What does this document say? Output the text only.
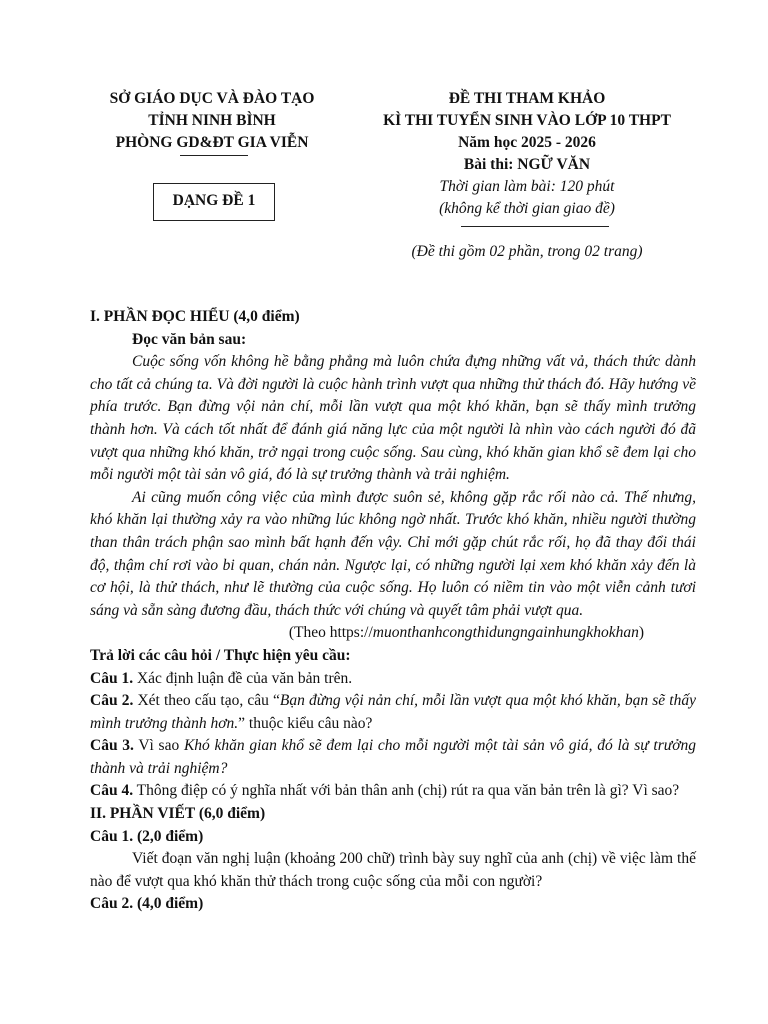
SỞ GIÁO DỤC VÀ ĐÀO TẠO
TỈNH NINH BÌNH
PHÒNG GD&ĐT GIA VIỄN
DẠNG ĐỀ 1
ĐỀ THI THAM KHẢO
KÌ THI TUYỂN SINH VÀO LỚP 10 THPT
Năm học 2025 - 2026
Bài thi: NGỮ VĂN
Thời gian làm bài: 120 phút
(không kể thời gian giao đề)
(Đề thi gồm 02 phần, trong 02 trang)

I. PHẦN ĐỌC HIỂU (4,0 điểm)

Đọc văn bản sau:

Cuộc sống vốn không hề bằng phẳng mà luôn chứa đựng những vất vả, thách thức dành cho tất cả chúng ta. Và đời người là cuộc hành trình vượt qua những thử thách đó. Hãy hướng về phía trước. Bạn đừng vội nản chí, mỗi lần vượt qua một khó khăn, bạn sẽ thấy mình trưởng thành hơn. Và cách tốt nhất để đánh giá năng lực của một người là nhìn vào cách người đó đã vượt qua những khó khăn, trở ngại trong cuộc sống. Sau cùng, khó khăn gian khổ sẽ đem lại cho mỗi người một tài sản vô giá, đó là sự trưởng thành và trải nghiệm.

Ai cũng muốn công việc của mình được suôn sẻ, không gặp rắc rối nào cả. Thế nhưng, khó khăn lại thường xảy ra vào những lúc không ngờ nhất. Trước khó khăn, nhiều người thường than thân trách phận sao mình bất hạnh đến vậy. Chỉ mới gặp chút rắc rối, họ đã thay đổi thái độ, thậm chí rơi vào bi quan, chán nản. Ngược lại, có những người lại xem khó khăn xảy đến là cơ hội, là thử thách, như lẽ thường của cuộc sống. Họ luôn có niềm tin vào một viễn cảnh tươi sáng và sẵn sàng đương đầu, thách thức với chúng và quyết tâm phải vượt qua.

(Theo https://muonthanhcongthidungngainhungkhokhan)

Trả lời các câu hỏi / Thực hiện yêu cầu:

Câu 1. Xác định luận đề của văn bản trên.

Câu 2. Xét theo cấu tạo, câu “Bạn đừng vội nản chí, mỗi lần vượt qua một khó khăn, bạn sẽ thấy mình trưởng thành hơn.” thuộc kiểu câu nào?

Câu 3. Vì sao Khó khăn gian khổ sẽ đem lại cho mỗi người một tài sản vô giá, đó là sự trưởng thành và trải nghiệm?

Câu 4. Thông điệp có ý nghĩa nhất với bản thân anh (chị) rút ra qua văn bản trên là gì? Vì sao?

II. PHẦN VIẾT (6,0 điểm)

Câu 1. (2,0 điểm)

Viết đoạn văn nghị luận (khoảng 200 chữ) trình bày suy nghĩ của anh (chị) về việc làm thế nào để vượt qua khó khăn thử thách trong cuộc sống của mỗi con người?

Câu 2. (4,0 điểm)
